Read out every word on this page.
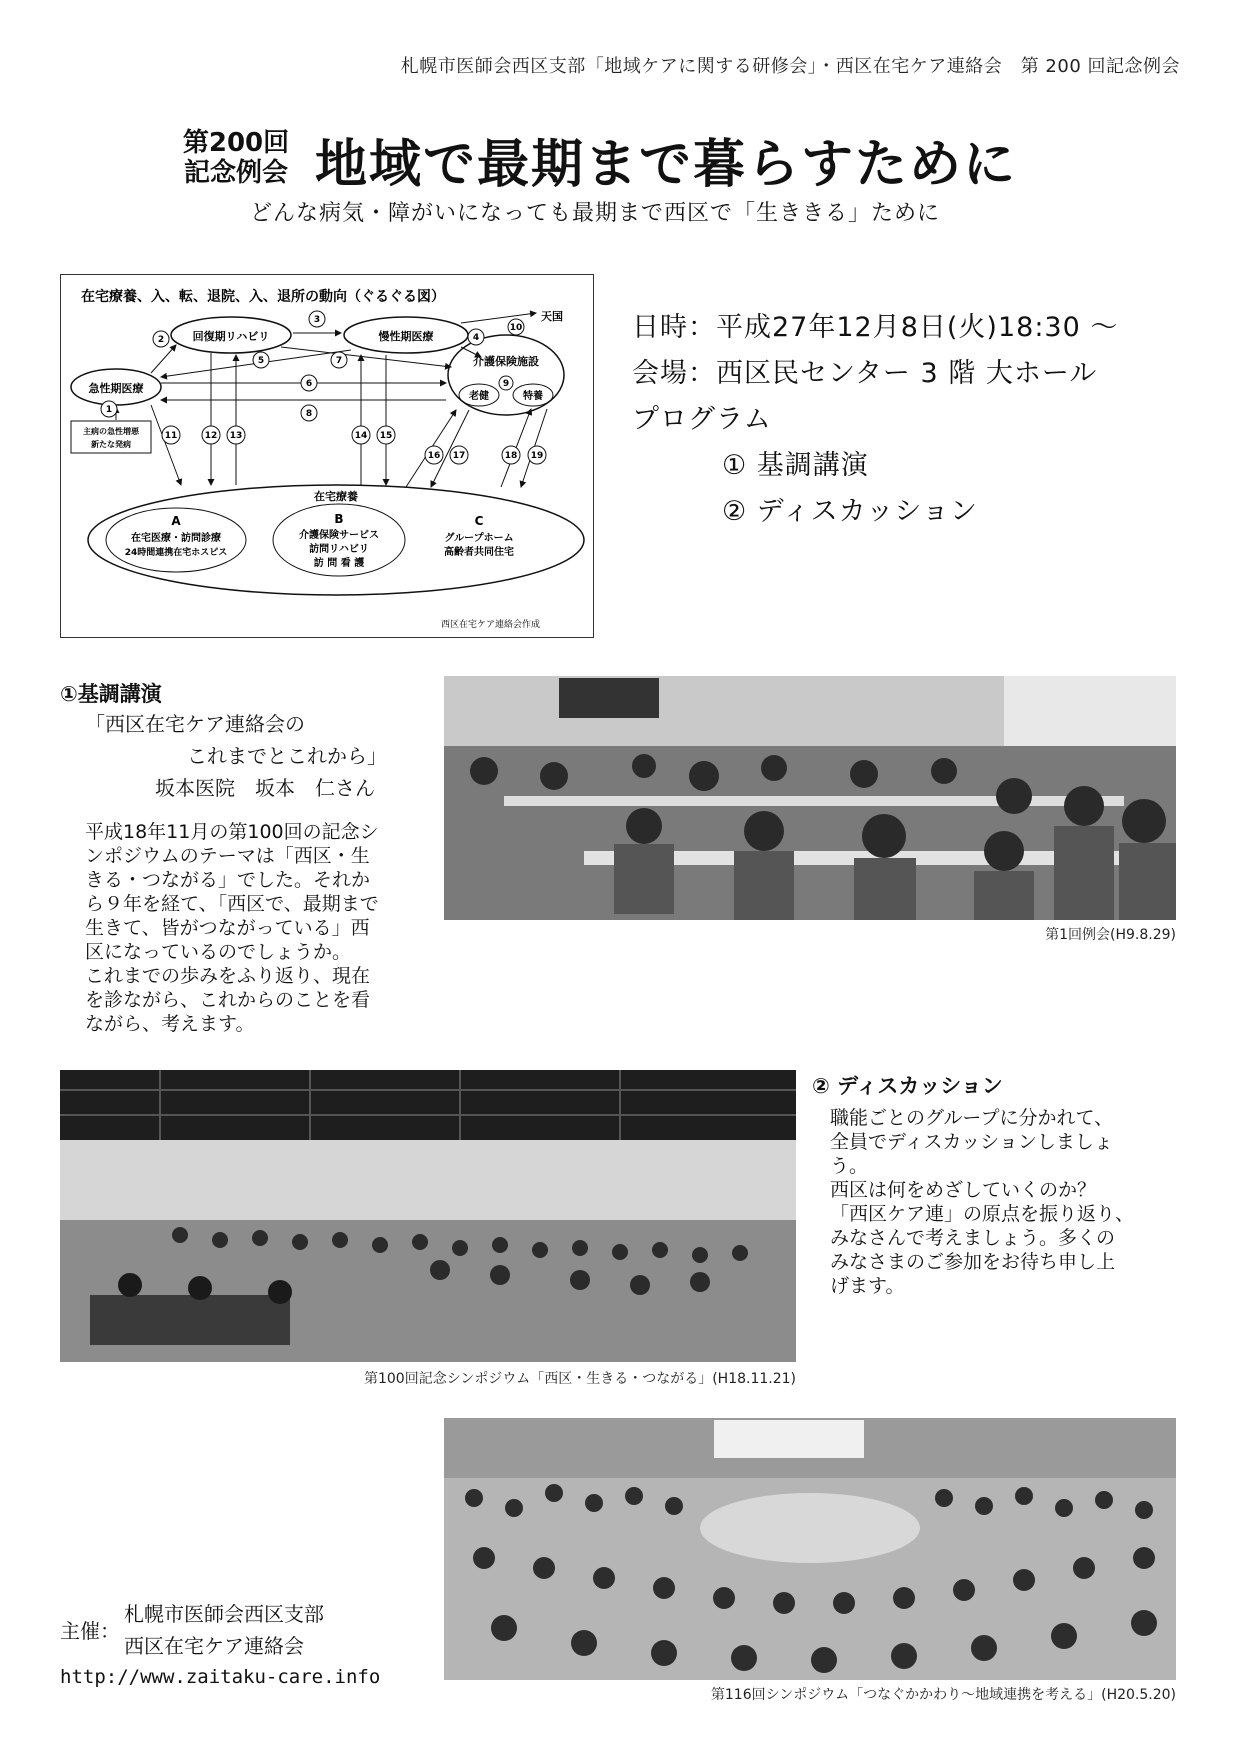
札幌市医師会西区支部「地域ケアに関する研修会」・西区在宅ケア連絡会　第 200 回記念例会
第200回
記念例会 地域で最期まで暮らすために
どんな病気・障がいになっても最期まで西区で「生ききる」ために
在宅療養、入、転、退院、入、退所の動向（ぐるぐる図）
回復期リハビリ	慢性期医療
天国
急性期医療
介護保険施設
老健	特養
主病の急性増悪
新たな発病
在宅療養
A
在宅医療・訪問診療
24時間連携在宅ホスピス
B
介護保険サービス
訪問リハビリ
訪 問 看 護
C
グループホーム
高齢者共同住宅
1
2
3
4
5
6
7
8
9
10
11	12 13	14 15
16 17	18 19
西区在宅ケア連絡会作成
日時：平成27年12月8日(火)18:30 ～
会場：西区民センター 3 階 大ホール
プログラム
① 基調講演
② ディスカッション
①基調講演
「西区在宅ケア連絡会の
これまでとこれから」
坂本医院　坂本　仁さん
平成18年11月の第100回の記念シ
ンポジウムのテーマは「西区・生
きる・つながる」でした。それか
ら９年を経て、「西区で、最期まで
生きて、皆がつながっている」西
区になっているのでしょうか。
これまでの歩みをふり返り、現在
を診ながら、これからのことを看
ながら、考えます。
第1回例会(H9.8.29)
第100回記念シンポジウム「西区・生きる・つながる」(H18.11.21)
② ディスカッション
職能ごとのグループに分かれて、
全員でディスカッションしましょ
う。
西区は何をめざしていくのか？
「西区ケア連」の原点を振り返り、
みなさんで考えましょう。多くの
みなさまのご参加をお待ち申し上
げます。
第116回シンポジウム「つなぐかかわり～地域連携を考える」(H20.5.20)
主催：
札幌市医師会西区支部
西区在宅ケア連絡会
http://www.zaitaku-care.info
